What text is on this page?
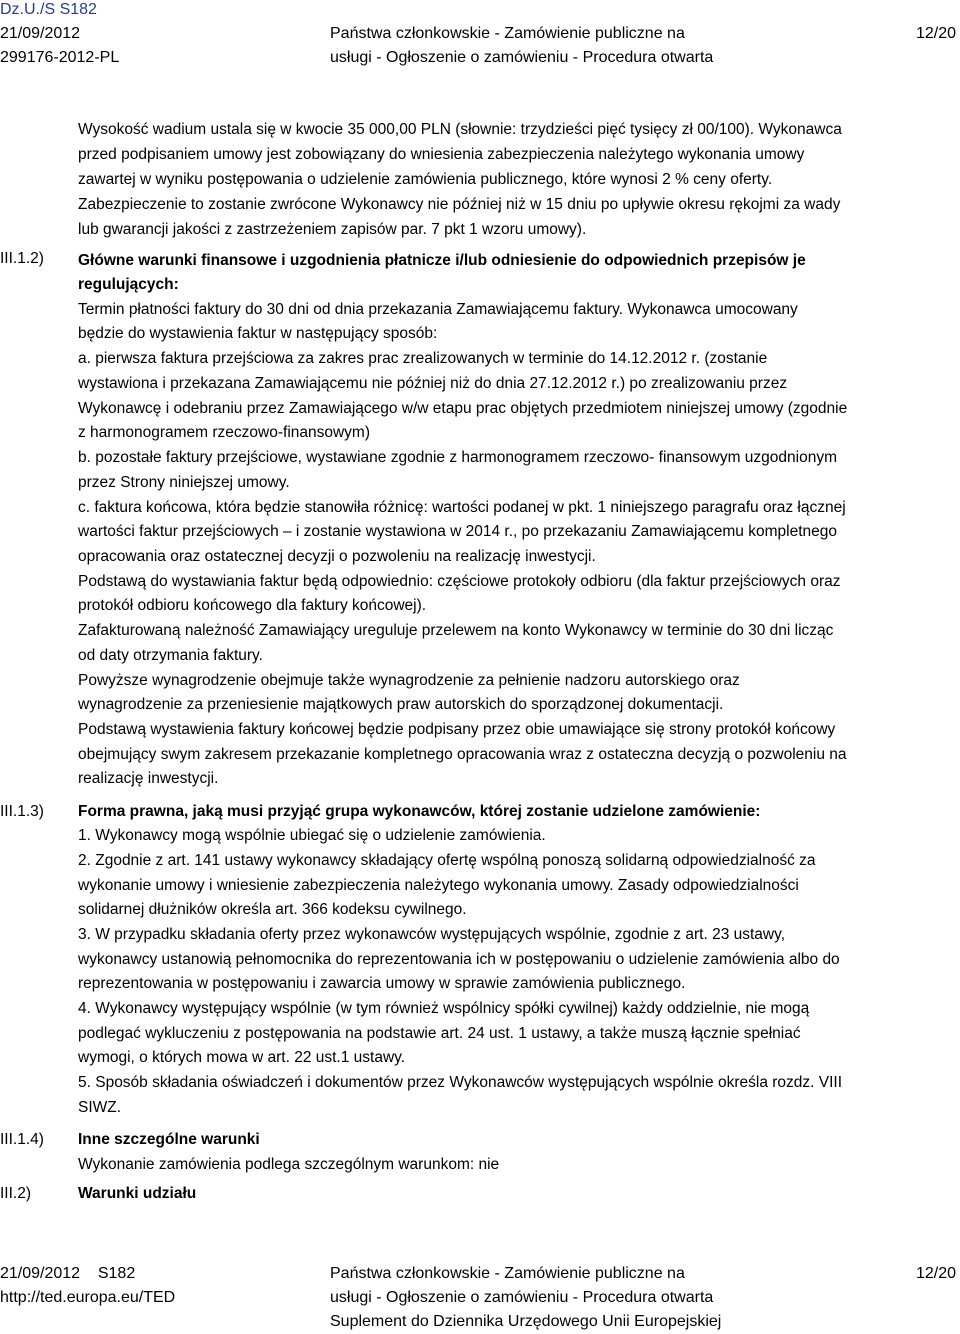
Dz.U./S S182
21/09/2012
299176-2012-PL
Państwa członkowskie - Zamówienie publiczne na
usługi - Ogłoszenie o zamówieniu - Procedura otwarta
12/20
III.1.2)
III.1.3)
III.1.4)
III.2)
Wysokość wadium ustala się w kwocie 35 000,00 PLN (słownie: trzydzieści pięć tysięcy zł 00/100). Wykonawca
przed podpisaniem umowy jest zobowiązany do wniesienia zabezpieczenia należytego wykonania umowy
zawartej w wyniku postępowania o udzielenie zamówienia publicznego, które wynosi 2 % ceny oferty.
Zabezpieczenie to zostanie zwrócone Wykonawcy nie później niż w 15 dniu po upływie okresu rękojmi za wady
lub gwarancji jakości z zastrzeżeniem zapisów par. 7 pkt 1 wzoru umowy).
Główne warunki finansowe i uzgodnienia płatnicze i/lub odniesienie do odpowiednich przepisów je
regulujących:
Termin płatności faktury do 30 dni od dnia przekazania Zamawiającemu faktury. Wykonawca umocowany
będzie do wystawienia faktur w następujący sposób:
a. pierwsza faktura przejściowa za zakres prac zrealizowanych w terminie do 14.12.2012 r. (zostanie
wystawiona i przekazana Zamawiającemu nie później niż do dnia 27.12.2012 r.) po zrealizowaniu przez
Wykonawcę i odebraniu przez Zamawiającego w/w etapu prac objętych przedmiotem niniejszej umowy (zgodnie
z harmonogramem rzeczowo-finansowym)
b. pozostałe faktury przejściowe, wystawiane zgodnie z harmonogramem rzeczowo- finansowym uzgodnionym
przez Strony niniejszej umowy.
c. faktura końcowa, która będzie stanowiła różnicę: wartości podanej w pkt. 1 niniejszego paragrafu oraz łącznej
wartości faktur przejściowych – i zostanie wystawiona w 2014 r., po przekazaniu Zamawiającemu kompletnego
opracowania oraz ostatecznej decyzji o pozwoleniu na realizację inwestycji.
Podstawą do wystawiania faktur będą odpowiednio: częściowe protokoły odbioru (dla faktur przejściowych oraz
protokół odbioru końcowego dla faktury końcowej).
Zafakturowaną należność Zamawiający ureguluje przelewem na konto Wykonawcy w terminie do 30 dni licząc
od daty otrzymania faktury.
Powyższe wynagrodzenie obejmuje także wynagrodzenie za pełnienie nadzoru autorskiego oraz
wynagrodzenie za przeniesienie majątkowych praw autorskich do sporządzonej dokumentacji.
Podstawą wystawienia faktury końcowej będzie podpisany przez obie umawiające się strony protokół końcowy
obejmujący swym zakresem przekazanie kompletnego opracowania wraz z ostateczna decyzją o pozwoleniu na
realizację inwestycji.
Forma prawna, jaką musi przyjąć grupa wykonawców, której zostanie udzielone zamówienie:
1. Wykonawcy mogą wspólnie ubiegać się o udzielenie zamówienia.
2. Zgodnie z art. 141 ustawy wykonawcy składający ofertę wspólną ponoszą solidarną odpowiedzialność za
wykonanie umowy i wniesienie zabezpieczenia należytego wykonania umowy. Zasady odpowiedzialności
solidarnej dłużników określa art. 366 kodeksu cywilnego.
3. W przypadku składania oferty przez wykonawców występujących wspólnie, zgodnie z art. 23 ustawy,
wykonawcy ustanowią pełnomocnika do reprezentowania ich w postępowaniu o udzielenie zamówienia albo do
reprezentowania w postępowaniu i zawarcia umowy w sprawie zamówienia publicznego.
4. Wykonawcy występujący wspólnie (w tym również wspólnicy spółki cywilnej) każdy oddzielnie, nie mogą
podlegać wykluczeniu z postępowania na podstawie art. 24 ust. 1 ustawy, a także muszą łącznie spełniać
wymogi, o których mowa w art. 22 ust.1 ustawy.
5. Sposób składania oświadczeń i dokumentów przez Wykonawców występujących wspólnie określa rozdz. VIII
SIWZ.
Inne szczególne warunki
Wykonanie zamówienia podlega szczególnym warunkom: nie
Warunki udziału
21/09/2012 S182
http://ted.europa.eu/TED
Państwa członkowskie - Zamówienie publiczne na
usługi - Ogłoszenie o zamówieniu - Procedura otwarta
Suplement do Dziennika Urzędowego Unii Europejskiej
12/20
